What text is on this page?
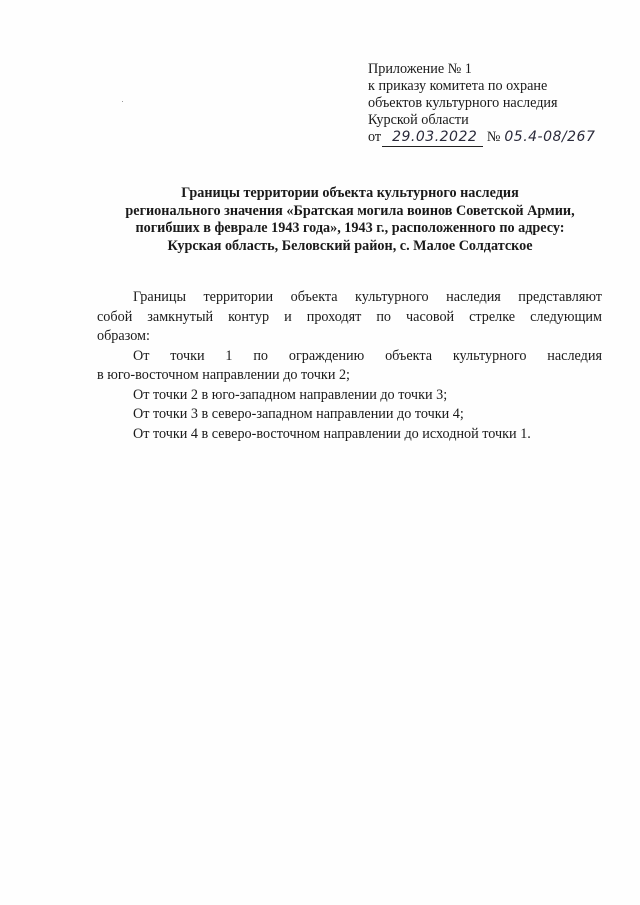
Приложение № 1
к приказу комитета по охране
объектов культурного наследия
Курской области
от 29.03.2022 № 05.4-08/267
Границы территории объекта культурного наследия
регионального значения «Братская могила воинов Советской Армии,
погибших в феврале 1943 года», 1943 г., расположенного по адресу:
Курская область, Беловский район, с. Малое Солдатское

Границы территории объекта культурного наследия представляют
собой замкнутый контур и проходят по часовой стрелке следующим
образом:

От точки 1 по ограждению объекта культурного наследия
в юго-восточном направлении до точки 2;

От точки 2 в юго-западном направлении до точки 3;

От точки 3 в северо-западном направлении до точки 4;

От точки 4 в северо-восточном направлении до исходной точки 1.
